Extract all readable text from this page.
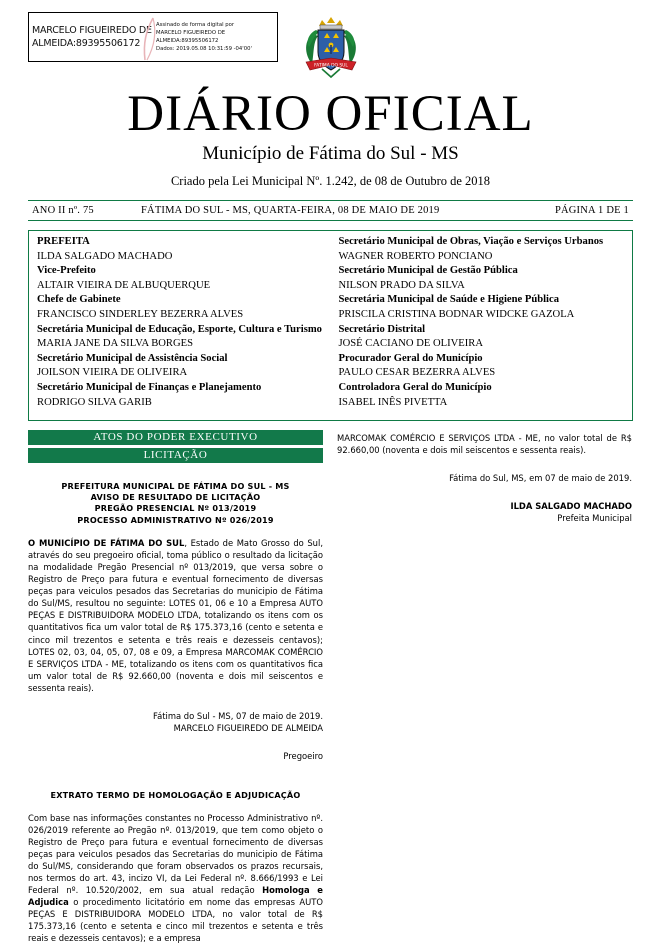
MARCELO FIGUEIREDO DE ALMEIDA:89395506172
Assinado de forma digital por
MARCELO FIGUEIREDO DE
ALMEIDA:89395506172
Dados: 2019.05.08 10:31:59 -04'00'
FATIMA DO SUL
DIÁRIO OFICIAL
Município de Fátima do Sul - MS
Criado pela Lei Municipal Nº. 1.242, de 08 de Outubro de 2018
ANO II nº. 75	FÁTIMA DO SUL - MS, QUARTA-FEIRA, 08 DE MAIO DE 2019	PÁGINA 1 DE 1
PREFEITA
ILDA SALGADO MACHADO
Vice-Prefeito
ALTAIR VIEIRA DE ALBUQUERQUE
Chefe de Gabinete
FRANCISCO SINDERLEY BEZERRA ALVES
Secretária Municipal de Educação, Esporte, Cultura e Turismo
MARIA JANE DA SILVA BORGES
Secretário Municipal de Assistência Social
JOILSON VIEIRA DE OLIVEIRA
Secretário Municipal de Finanças e Planejamento
RODRIGO SILVA GARIB
Secretário Municipal de Obras, Viação e Serviços Urbanos
WAGNER ROBERTO PONCIANO
Secretário Municipal de Gestão Pública
NILSON PRADO DA SILVA
Secretária Municipal de Saúde e Higiene Pública
PRISCILA CRISTINA BODNAR WIDCKE GAZOLA
Secretário Distrital
JOSÉ CACIANO DE OLIVEIRA
Procurador Geral do Município
PAULO CESAR BEZERRA ALVES
Controladora Geral do Município
ISABEL INÊS PIVETTA
ATOS DO PODER EXECUTIVO
LICITAÇÃO
PREFEITURA MUNICIPAL DE FÁTIMA DO SUL - MS
AVISO DE RESULTADO DE LICITAÇÃO
PREGÃO PRESENCIAL Nº 013/2019
PROCESSO ADMINISTRATIVO Nº 026/2019

O MUNICÍPIO DE FÁTIMA DO SUL, Estado de Mato Grosso do Sul, através do seu pregoeiro oficial, toma público o resultado da licitação na modalidade Pregão Presencial nº 013/2019, que versa sobre o Registro de Preço para futura e eventual fornecimento de diversas peças para veiculos pesados das Secretarias do municipio de Fátima do Sul/MS, resultou no seguinte: LOTES 01, 06 e 10 a Empresa AUTO PEÇAS E DISTRIBUIDORA MODELO LTDA, totalizando os itens com os quantitativos fica um valor total de R$ 175.373,16 (cento e setenta e cinco mil trezentos e setenta e três reais e dezesseis centavos); LOTES 02, 03, 04, 05, 07, 08 e 09, a Empresa MARCOMAK COMÉRCIO E SERVIÇOS LTDA - ME, totalizando os itens com os quantitativos fica um valor total de R$ 92.660,00 (noventa e dois mil seiscentos e sessenta reais).

Fátima do Sul - MS, 07 de maio de 2019.
MARCELO FIGUEIREDO DE ALMEIDA
Pregoeiro
EXTRATO TERMO DE HOMOLOGAÇÃO E ADJUDICAÇÃO

Com base nas informações constantes no Processo Administrativo nº. 026/2019 referente ao Pregão nº. 013/2019, que tem como objeto o Registro de Preço para futura e eventual fornecimento de diversas peças para veiculos pesados das Secretarias do municipio de Fátima do Sul/MS, considerando que foram observados os prazos recursais, nos termos do art. 43, incizo VI, da Lei Federal nº. 8.666/1993 e Lei Federal nº. 10.520/2002, em sua atual redação Homologa e Adjudica o procedimento licitatório em nome das empresas AUTO PEÇAS E DISTRIBUIDORA MODELO LTDA, no valor total de R$ 175.373,16 (cento e setenta e cinco mil trezentos e setenta e três reais e dezesseis centavos); e a empresa

MARCOMAK COMÉRCIO E SERVIÇOS LTDA - ME, no valor total de R$ 92.660,00 (noventa e dois mil seiscentos e sessenta reais).

Fátima do Sul, MS, em 07 de maio de 2019.
ILDA SALGADO MACHADO
Prefeita Municipal
